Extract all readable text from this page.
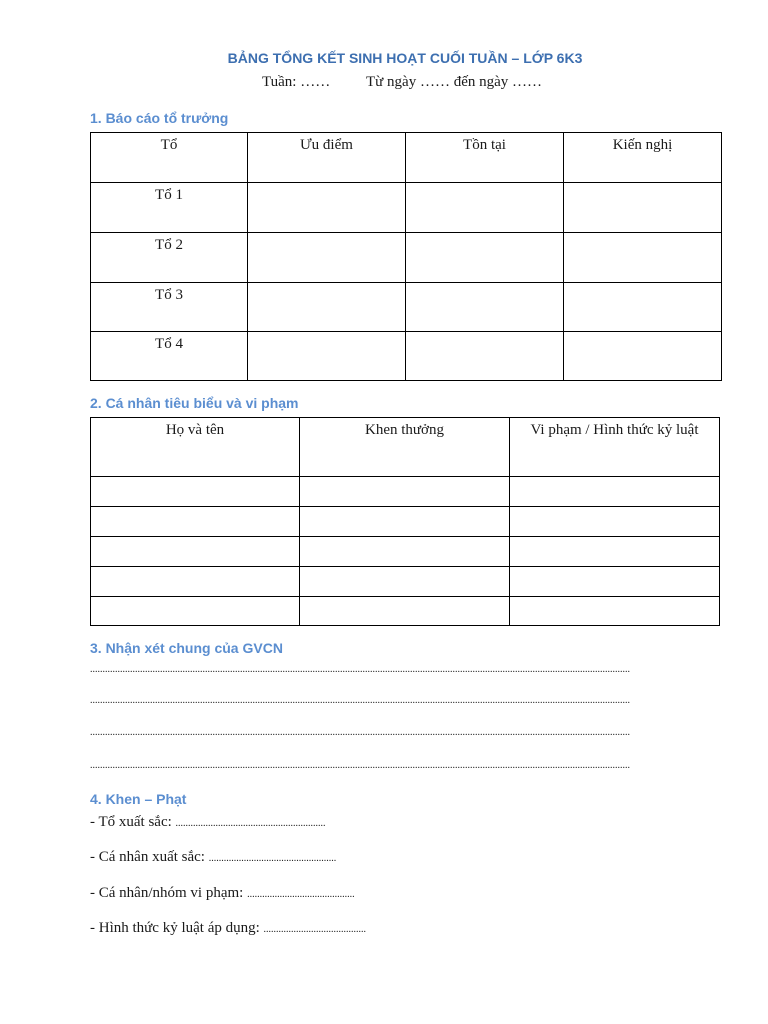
BẢNG TỔNG KẾT SINH HOẠT CUỐI TUẦN – LỚP 6K3
Tuần: …… Từ ngày …… đến ngày ……
1. Báo cáo tổ trưởng
Tổ	Ưu điểm	Tồn tại	Kiến nghị

Tổ 1			

Tổ 2			

Tổ 3			

Tổ 4			

2. Cá nhân tiêu biểu và vi phạm
Họ và tên	Khen thưởng	Vi phạm / Hình thức kỷ luật

3. Nhận xét chung của GVCN
........................................................................................................................................................................................................................
........................................................................................................................................................................................................................
........................................................................................................................................................................................................................
........................................................................................................................................................................................................................
4. Khen – Phạt
- Tổ xuất sắc: ............................................................
- Cá nhân xuất sắc: ...................................................
- Cá nhân/nhóm vi phạm: ...........................................
- Hình thức kỷ luật áp dụng: .........................................
